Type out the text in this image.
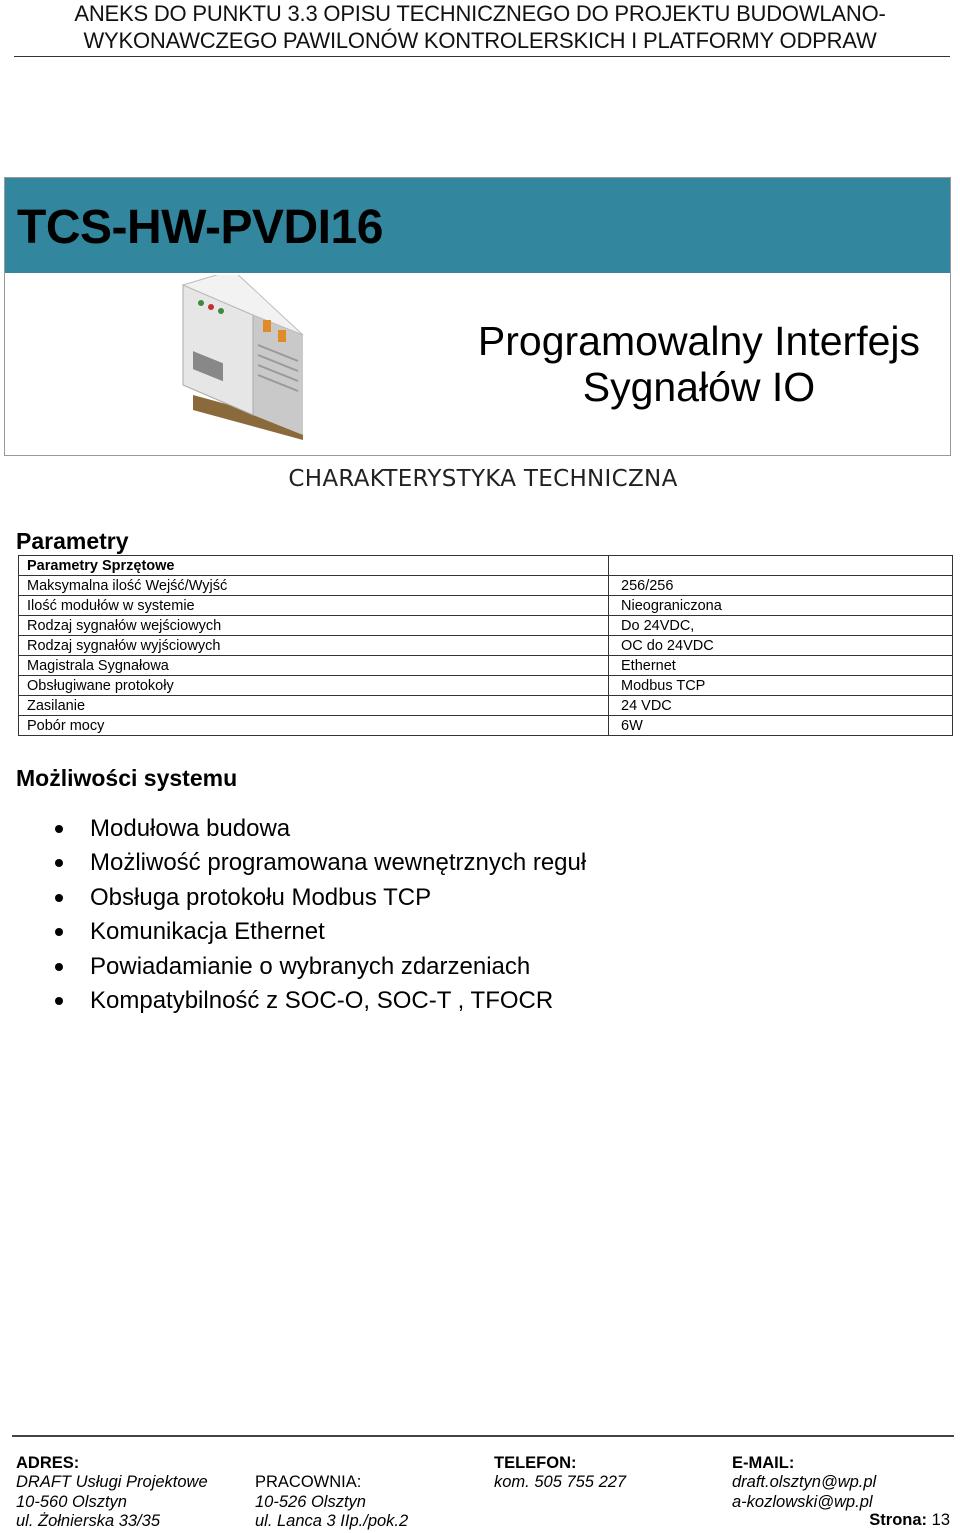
ANEKS DO PUNKTU 3.3 OPISU TECHNICZNEGO DO PROJEKTU BUDOWLANO-
WYKONAWCZEGO PAWILONÓW KONTROLERSKICH I PLATFORMY ODPRAW
TCS-HW-PVDI16
Programowalny Interfejs
Sygnałów IO
CHARAKTERYSTYKA TECHNICZNA
Parametry
Parametry Sprzętowe	
Maksymalna ilość Wejść/Wyjść	256/256
Ilość modułów w systemie	Nieograniczona
Rodzaj sygnałów wejściowych	Do 24VDC,
Rodzaj sygnałów wyjściowych	OC do 24VDC
Magistrala Sygnałowa	Ethernet
Obsługiwane protokoły	Modbus TCP
Zasilanie	24 VDC
Pobór mocy	6W
Możliwości systemu
Modułowa budowa
Możliwość programowana wewnętrznych reguł
Obsługa protokołu Modbus TCP
Komunikacja Ethernet
Powiadamianie o wybranych zdarzeniach
Kompatybilność z SOC-O, SOC-T , TFOCR
ADRES:
DRAFT Usługi Projektowe
10-560 Olsztyn
ul. Żołnierska 33/35

PRACOWNIA:
10-526 Olsztyn
ul. Lanca 3 IIp./pok.2
TELEFON:
kom. 505 755 227
E-MAIL:
draft.olsztyn@wp.pl
a-kozlowski@wp.pl
Strona: 13
